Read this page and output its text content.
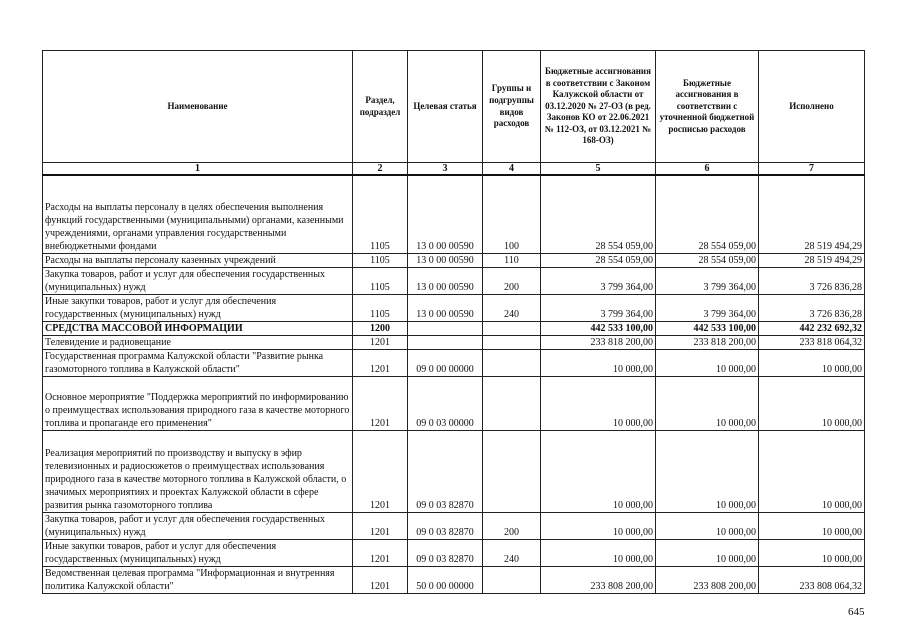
Наименование	Раздел, подраздел	Целевая статья	Группы и подгруппы видов расходов	Бюджетные ассигнования в соответствии с Законом Калужской области от 03.12.2020 № 27-ОЗ (в ред. Законов КО от 22.06.2021 № 112-ОЗ, от 03.12.2021 № 168-ОЗ)	Бюджетные ассигнования в соответствии с уточненной бюджетной росписью расходов	Исполнено
1	2	3	4	5	6	7
Расходы на выплаты персоналу в целях обеспечения выполнения функций государственными (муниципальными) органами, казенными учреждениями, органами управления государственными внебюджетными фондами	1105	13 0 00 00590	100	28 554 059,00	28 554 059,00	28 519 494,29
Расходы на выплаты персоналу казенных учреждений	1105	13 0 00 00590	110	28 554 059,00	28 554 059,00	28 519 494,29
Закупка товаров, работ и услуг для обеспечения государственных (муниципальных) нужд	1105	13 0 00 00590	200	3 799 364,00	3 799 364,00	3 726 836,28
Иные закупки товаров, работ и услуг для обеспечения государственных (муниципальных) нужд	1105	13 0 00 00590	240	3 799 364,00	3 799 364,00	3 726 836,28
СРЕДСТВА МАССОВОЙ ИНФОРМАЦИИ	1200			442 533 100,00	442 533 100,00	442 232 692,32
Телевидение и радиовещание	1201			233 818 200,00	233 818 200,00	233 818 064,32
Государственная программа Калужской области "Развитие рынка газомоторного топлива в Калужской области"	1201	09 0 00 00000		10 000,00	10 000,00	10 000,00
Основное мероприятие "Поддержка мероприятий по информированию о преимуществах использования природного газа в качестве моторного топлива и пропаганде его применения"	1201	09 0 03 00000		10 000,00	10 000,00	10 000,00
Реализация мероприятий по производству и выпуску в эфир телевизионных и радиосюжетов о преимуществах использования природного газа в качестве моторного топлива в Калужской области, о значимых мероприятиях и проектах Калужской области в сфере развития рынка газомоторного топлива	1201	09 0 03 82870		10 000,00	10 000,00	10 000,00
Закупка товаров, работ и услуг для обеспечения государственных (муниципальных) нужд	1201	09 0 03 82870	200	10 000,00	10 000,00	10 000,00
Иные закупки товаров, работ и услуг для обеспечения государственных (муниципальных) нужд	1201	09 0 03 82870	240	10 000,00	10 000,00	10 000,00
Ведомственная целевая программа "Информационная и внутренняя политика Калужской области"	1201	50 0 00 00000		233 808 200,00	233 808 200,00	233 808 064,32
645
